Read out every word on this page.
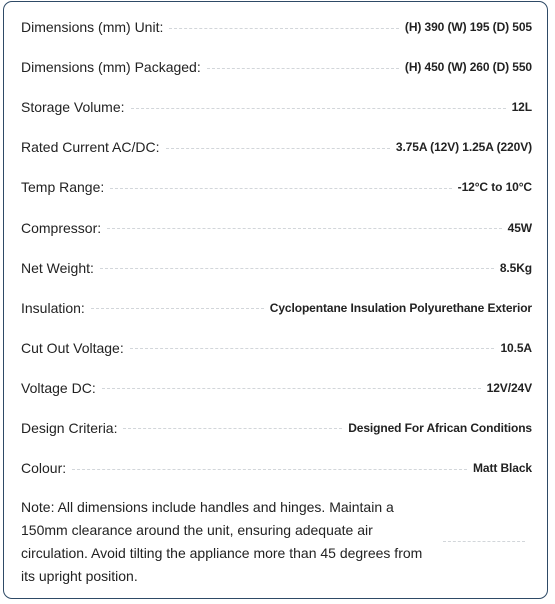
Dimensions (mm) Unit:	(H) 390 (W) 195 (D) 505
Dimensions (mm) Packaged:	(H) 450 (W) 260 (D) 550
Storage Volume:	12L
Rated Current AC/DC:	3.75A (12V) 1.25A (220V)
Temp Range:	-12°C to 10°C
Compressor:	45W
Net Weight:	8.5Kg
Insulation:	Cyclopentane Insulation Polyurethane Exterior
Cut Out Voltage:	10.5A
Voltage DC:	12V/24V
Design Criteria:	Designed For African Conditions
Colour:	Matt Black
Note: All dimensions include handles and hinges. Maintain a 150mm clearance around the unit, ensuring adequate air circulation. Avoid tilting the appliance more than 45 degrees from its upright position.
